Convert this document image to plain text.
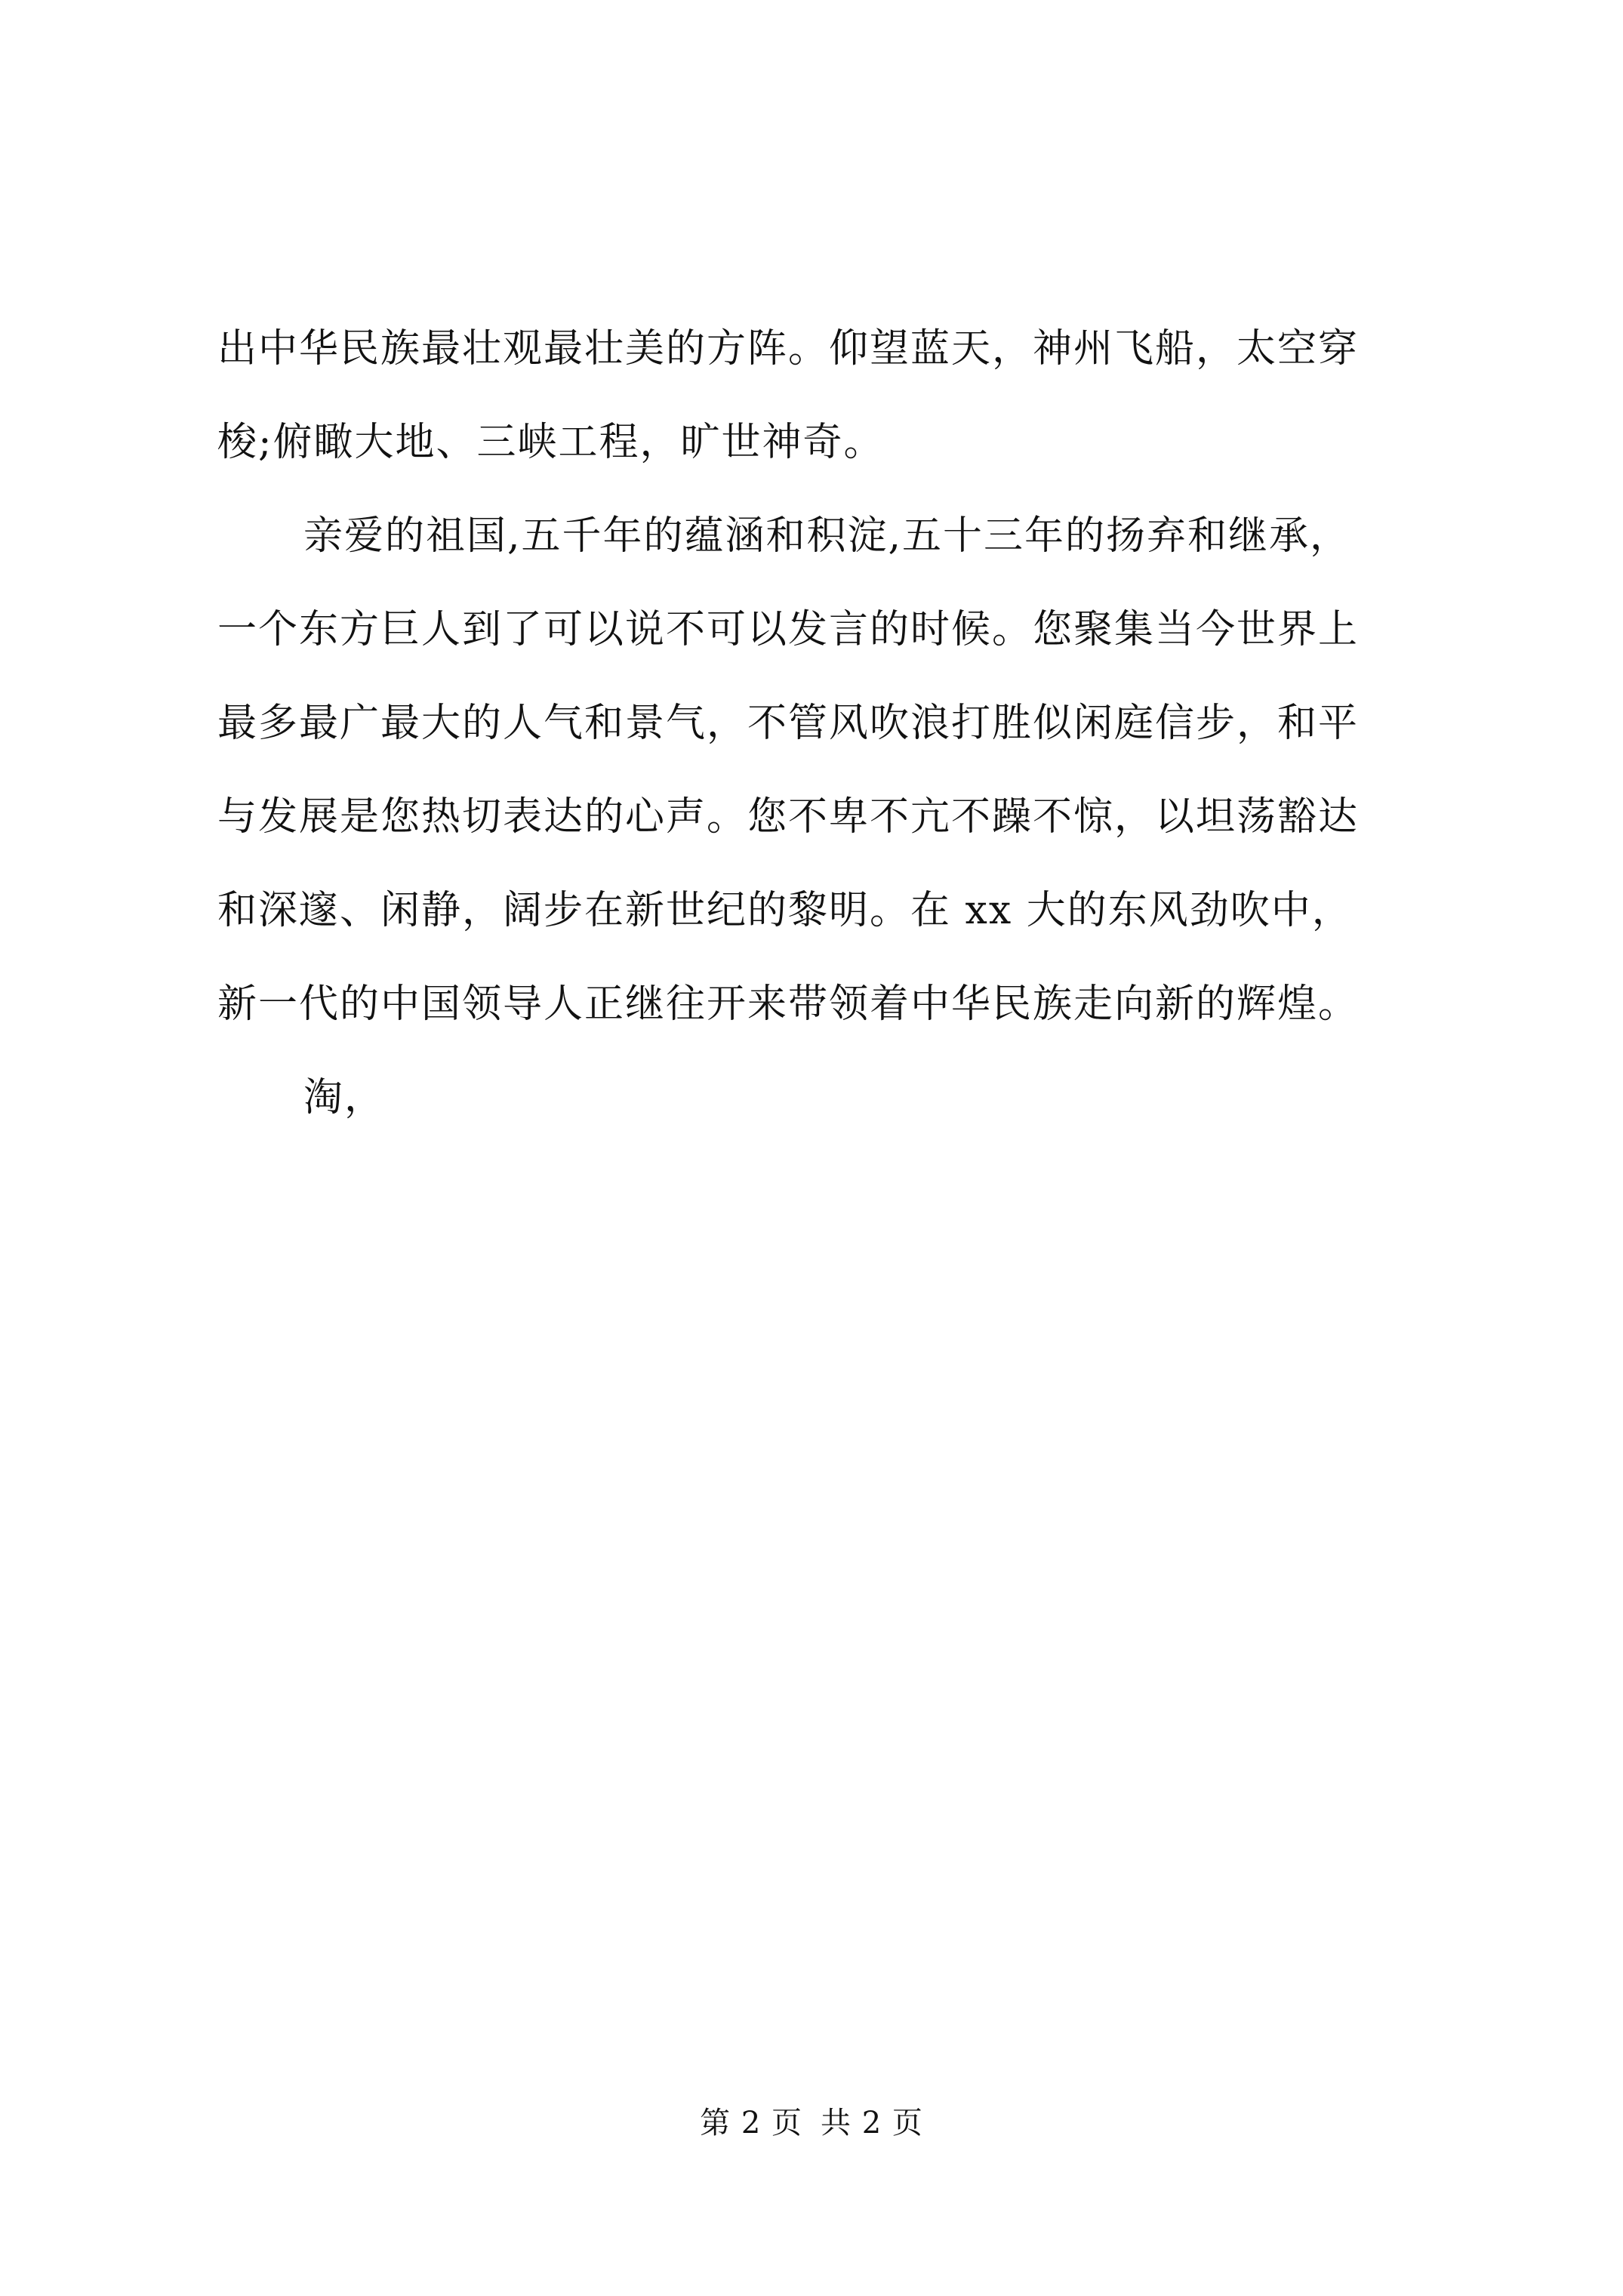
出中华民族最壮观最壮美的方阵。仰望蓝天，神州飞船，太空穿
梭;俯瞰大地、三峡工程，旷世神奇。
亲爱的祖国,五千年的蕴涵和积淀,五十三年的扬弃和继承，
一个东方巨人到了可以说不可以发言的时候。您聚集当今世界上
最多最广最大的人气和景气，不管风吹浪打胜似闲庭信步，和平
与发展是您热切表达的心声。您不卑不亢不躁不惊，以坦荡豁达
和深邃、闲静，阔步在新世纪的黎明。在 xx 大的东风劲吹中，
新一代的中国领导人正继往开来带领着中华民族走向新的辉煌。
淘，
第 2 页 共 2 页
